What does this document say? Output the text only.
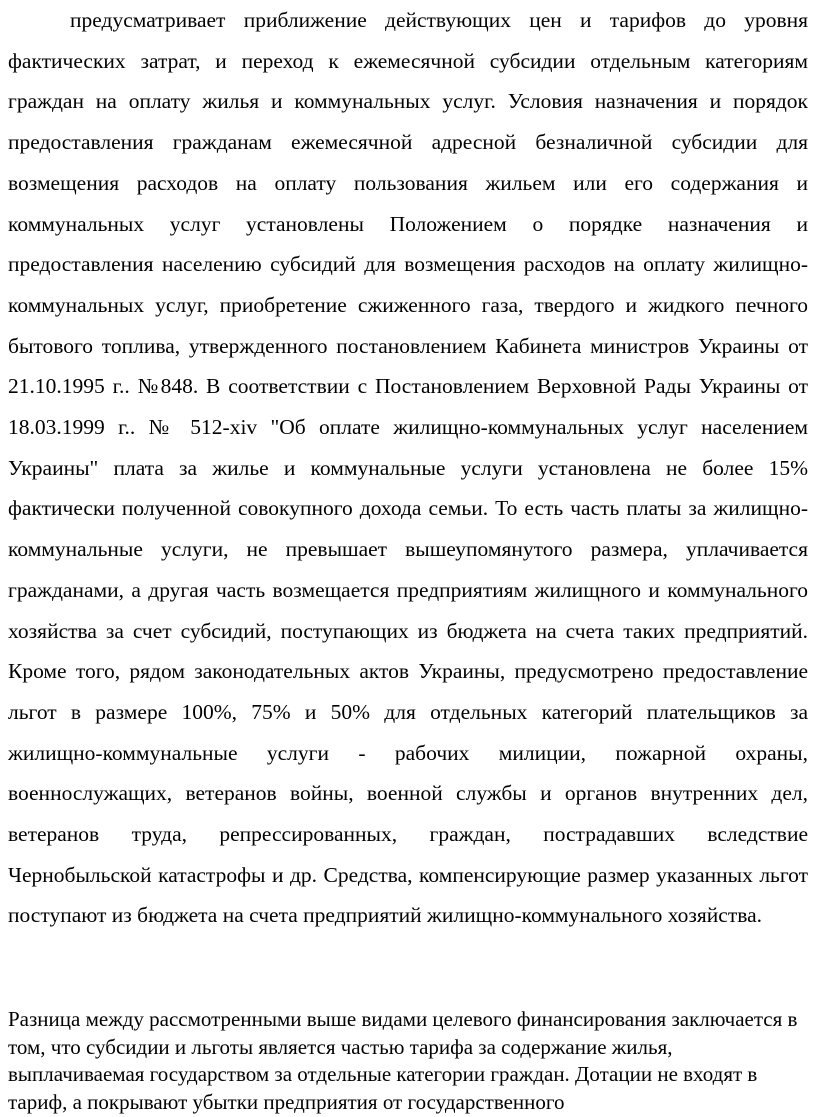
предусматривает приближение действующих цен и тарифов до уровня фактических затрат, и переход к ежемесячной субсидии отдельным категориям граждан на оплату жилья и коммунальных услуг. Условия назначения и порядок предоставления гражданам ежемесячной адресной безналичной субсидии для возмещения расходов на оплату пользования жильем или его содержания и коммунальных услуг установлены Положением о порядке назначения и предоставления населению субсидий для возмещения расходов на оплату жилищно-коммунальных услуг, приобретение сжиженного газа, твердого и жидкого печного бытового топлива, утвержденного постановлением Кабинета министров Украины от 21.10.1995 г.. №848. В соответствии с Постановлением Верховной Рады Украины от 18.03.1999 г.. № 512-xiv "Об оплате жилищно-коммунальных услуг населением Украины" плата за жилье и коммунальные услуги установлена не более 15% фактически полученной совокупного дохода семьи. То есть часть платы за жилищно-коммунальные услуги, не превышает вышеупомянутого размера, уплачивается гражданами, а другая часть возмещается предприятиям жилищного и коммунального хозяйства за счет субсидий, поступающих из бюджета на счета таких предприятий. Кроме того, рядом законодательных актов Украины, предусмотрено предоставление льгот в размере 100%, 75% и 50% для отдельных категорий плательщиков за жилищно-коммунальные услуги - рабочих милиции, пожарной охраны, военнослужащих, ветеранов войны, военной службы и органов внутренних дел, ветеранов труда, репрессированных, граждан, пострадавших вследствие Чернобыльской катастрофы и др. Средства, компенсирующие размер указанных льгот поступают из бюджета на счета предприятий жилищно-коммунального хозяйства.

Разница между рассмотренными выше видами целевого финансирования заключается в том, что субсидии и льготы является частью тарифа за содержание жилья, выплачиваемая государством за отдельные категории граждан. Дотации не входят в тариф, а покрывают убытки предприятия от государственного
